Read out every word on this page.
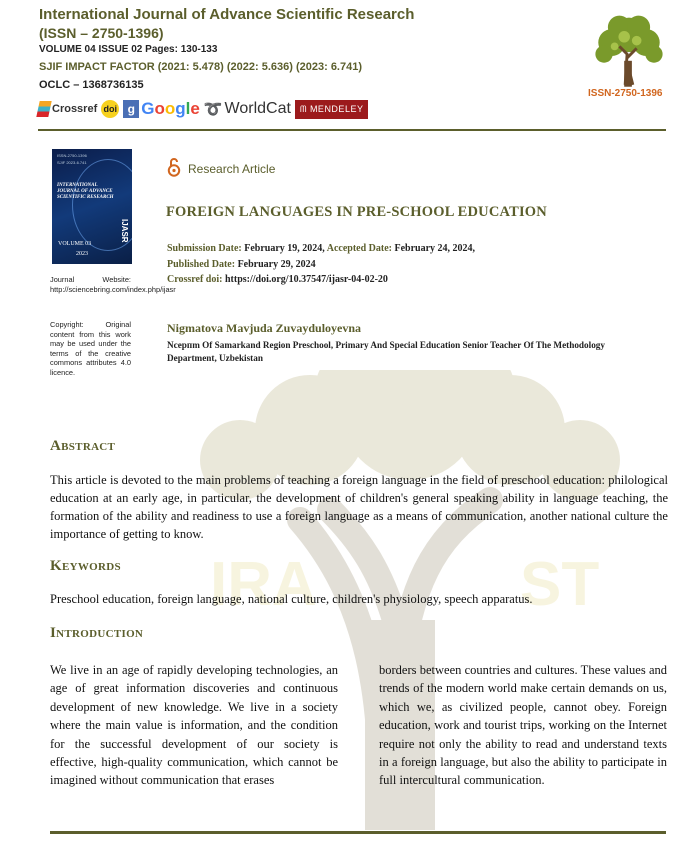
International Journal of Advance Scientific Research
(ISSN – 2750-1396)
VOLUME 04 ISSUE 02 Pages: 130-133
SJIF IMPACT FACTOR (2021: 5.478) (2022: 5.636) (2023: 6.741)
OCLC – 1368736135
Crossref doi g Google ➰ WorldCat ᗰ MENDELEY
ISSN-2750-1396
ISSN-2750-1396
SJIF 2023-6.741
INTERNATIONAL JOURNAL OF ADVANCE SCIENTIFIC RESEARCH
VOLUME 03
2023
IJASR
Journal Website: http://sciencebring.com/index.php/ijasr
Copyright: Original content from this work may be used under the terms of the creative commons attributes 4.0 licence.
Research Article
FOREIGN LANGUAGES IN PRE-SCHOOL EDUCATION
Submission Date: February 19, 2024, Accepted Date: February 24, 2024,
Published Date: February 29, 2024
Crossref doi: https://doi.org/10.37547/ijasr-04-02-20
Nigmatova Mavjuda Zuvayduloyevna
Ncepпm Of Samarkand Region Preschool, Primary And Special Education Senior Teacher Of The Methodology Department, Uzbekistan
IRA	ST
Abstract
This article is devoted to the main problems of teaching a foreign language in the field of preschool education: philological education at an early age, in particular, the development of children's general speaking ability in language teaching, the formation of the ability and readiness to use a foreign language as a means of communication, another national culture the importance of getting to know.
Keywords
Preschool education, foreign language, national culture, children's physiology, speech apparatus.
Introduction
We live in an age of rapidly developing technologies, an age of great information discoveries and continuous development of new knowledge. We live in a society where the main value is information, and the condition for the successful development of our society is effective, high-quality communication, which cannot be imagined without communication that erases
borders between countries and cultures. These values and trends of the modern world make certain demands on us, which we, as civilized people, cannot obey. Foreign education, work and tourist trips, working on the Internet require not only the ability to read and understand texts in a foreign language, but also the ability to participate in full intercultural communication.
